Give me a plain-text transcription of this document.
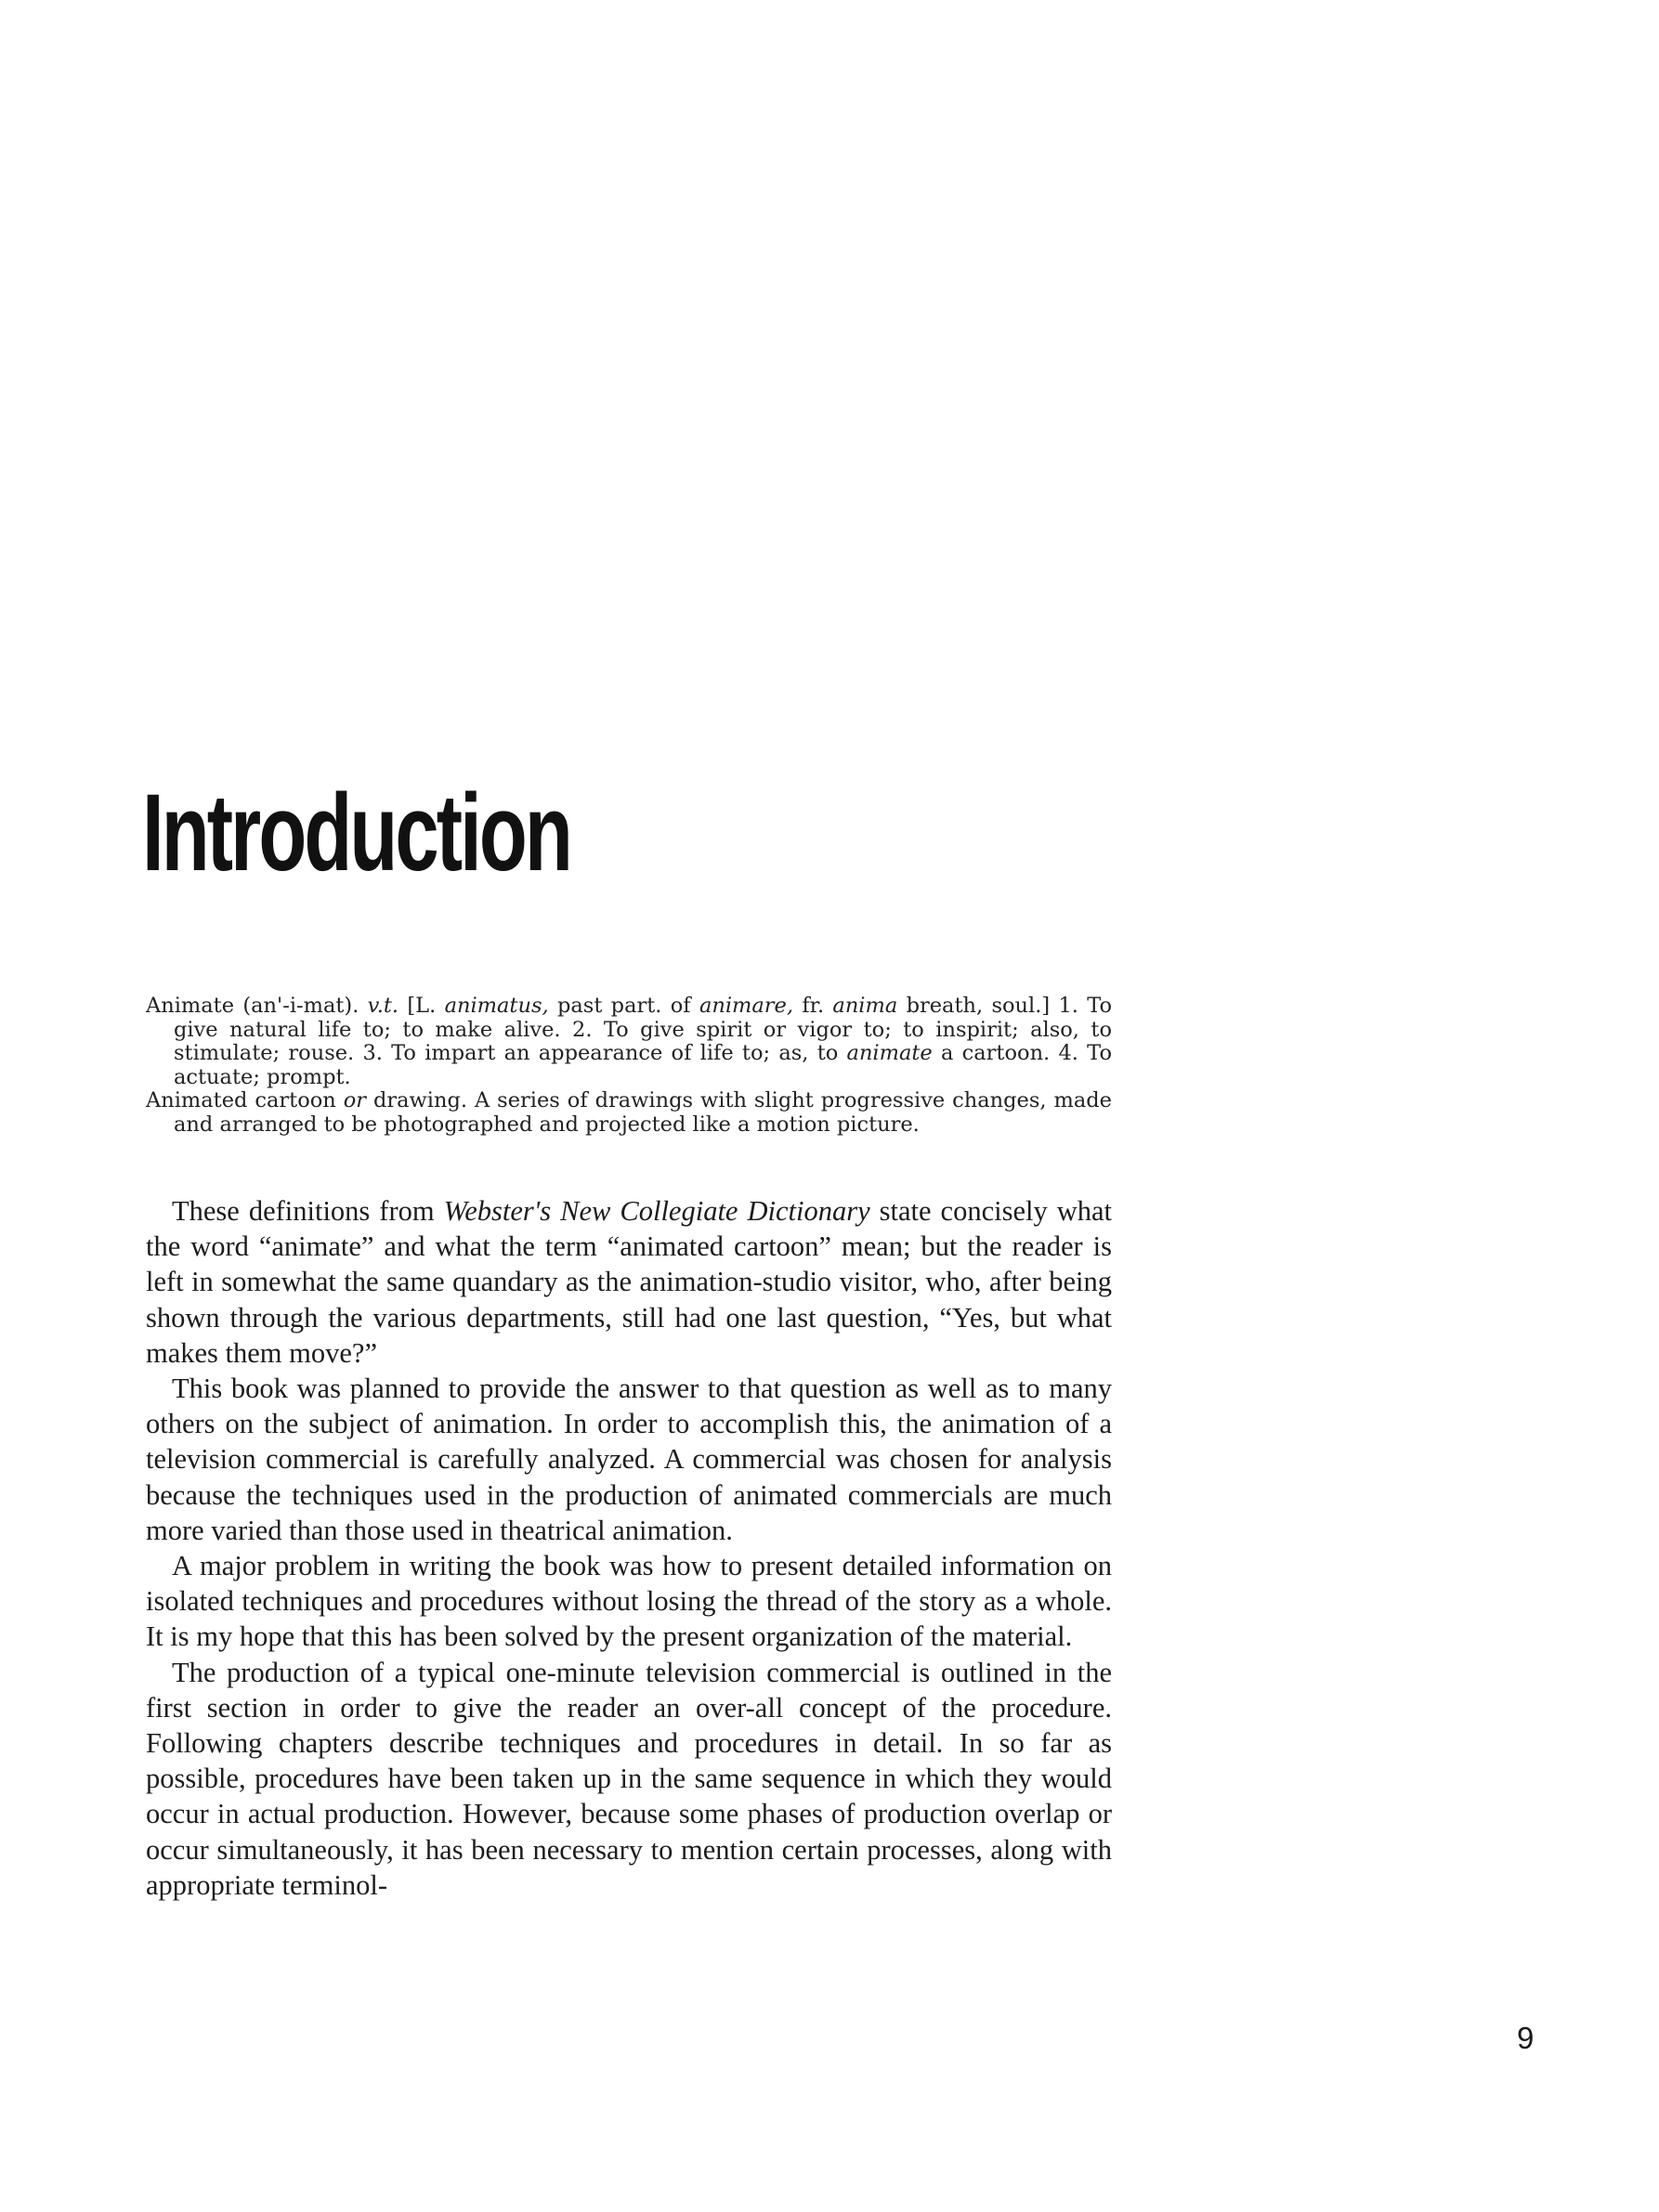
Introduction

Animate (an'-i-mat). v.t. [L. animatus, past part. of animare, fr. anima breath, soul.] 1. To give natural life to; to make alive. 2. To give spirit or vigor to; to inspirit; also, to stimulate; rouse. 3. To impart an appearance of life to; as, to animate a cartoon. 4. To actuate; prompt.

Animated cartoon or drawing. A series of drawings with slight progressive changes, made and arranged to be photographed and projected like a motion picture.

These definitions from Webster's New Collegiate Dictionary state concisely what the word “animate” and what the term “animated cartoon” mean; but the reader is left in somewhat the same quandary as the animation-studio visitor, who, after being shown through the various departments, still had one last question, “Yes, but what makes them move?”

This book was planned to provide the answer to that question as well as to many others on the subject of animation. In order to accomplish this, the animation of a television commercial is carefully analyzed. A commercial was chosen for analysis because the techniques used in the production of animated commercials are much more varied than those used in theatrical animation.

A major problem in writing the book was how to present detailed information on isolated techniques and procedures without losing the thread of the story as a whole. It is my hope that this has been solved by the present organization of the material.

The production of a typical one-minute television commercial is outlined in the first section in order to give the reader an over-all concept of the procedure. Following chapters describe techniques and procedures in detail. In so far as possible, procedures have been taken up in the same sequence in which they would occur in actual production. However, because some phases of production overlap or occur simultaneously, it has been necessary to mention certain processes, along with appropriate terminol-

9
